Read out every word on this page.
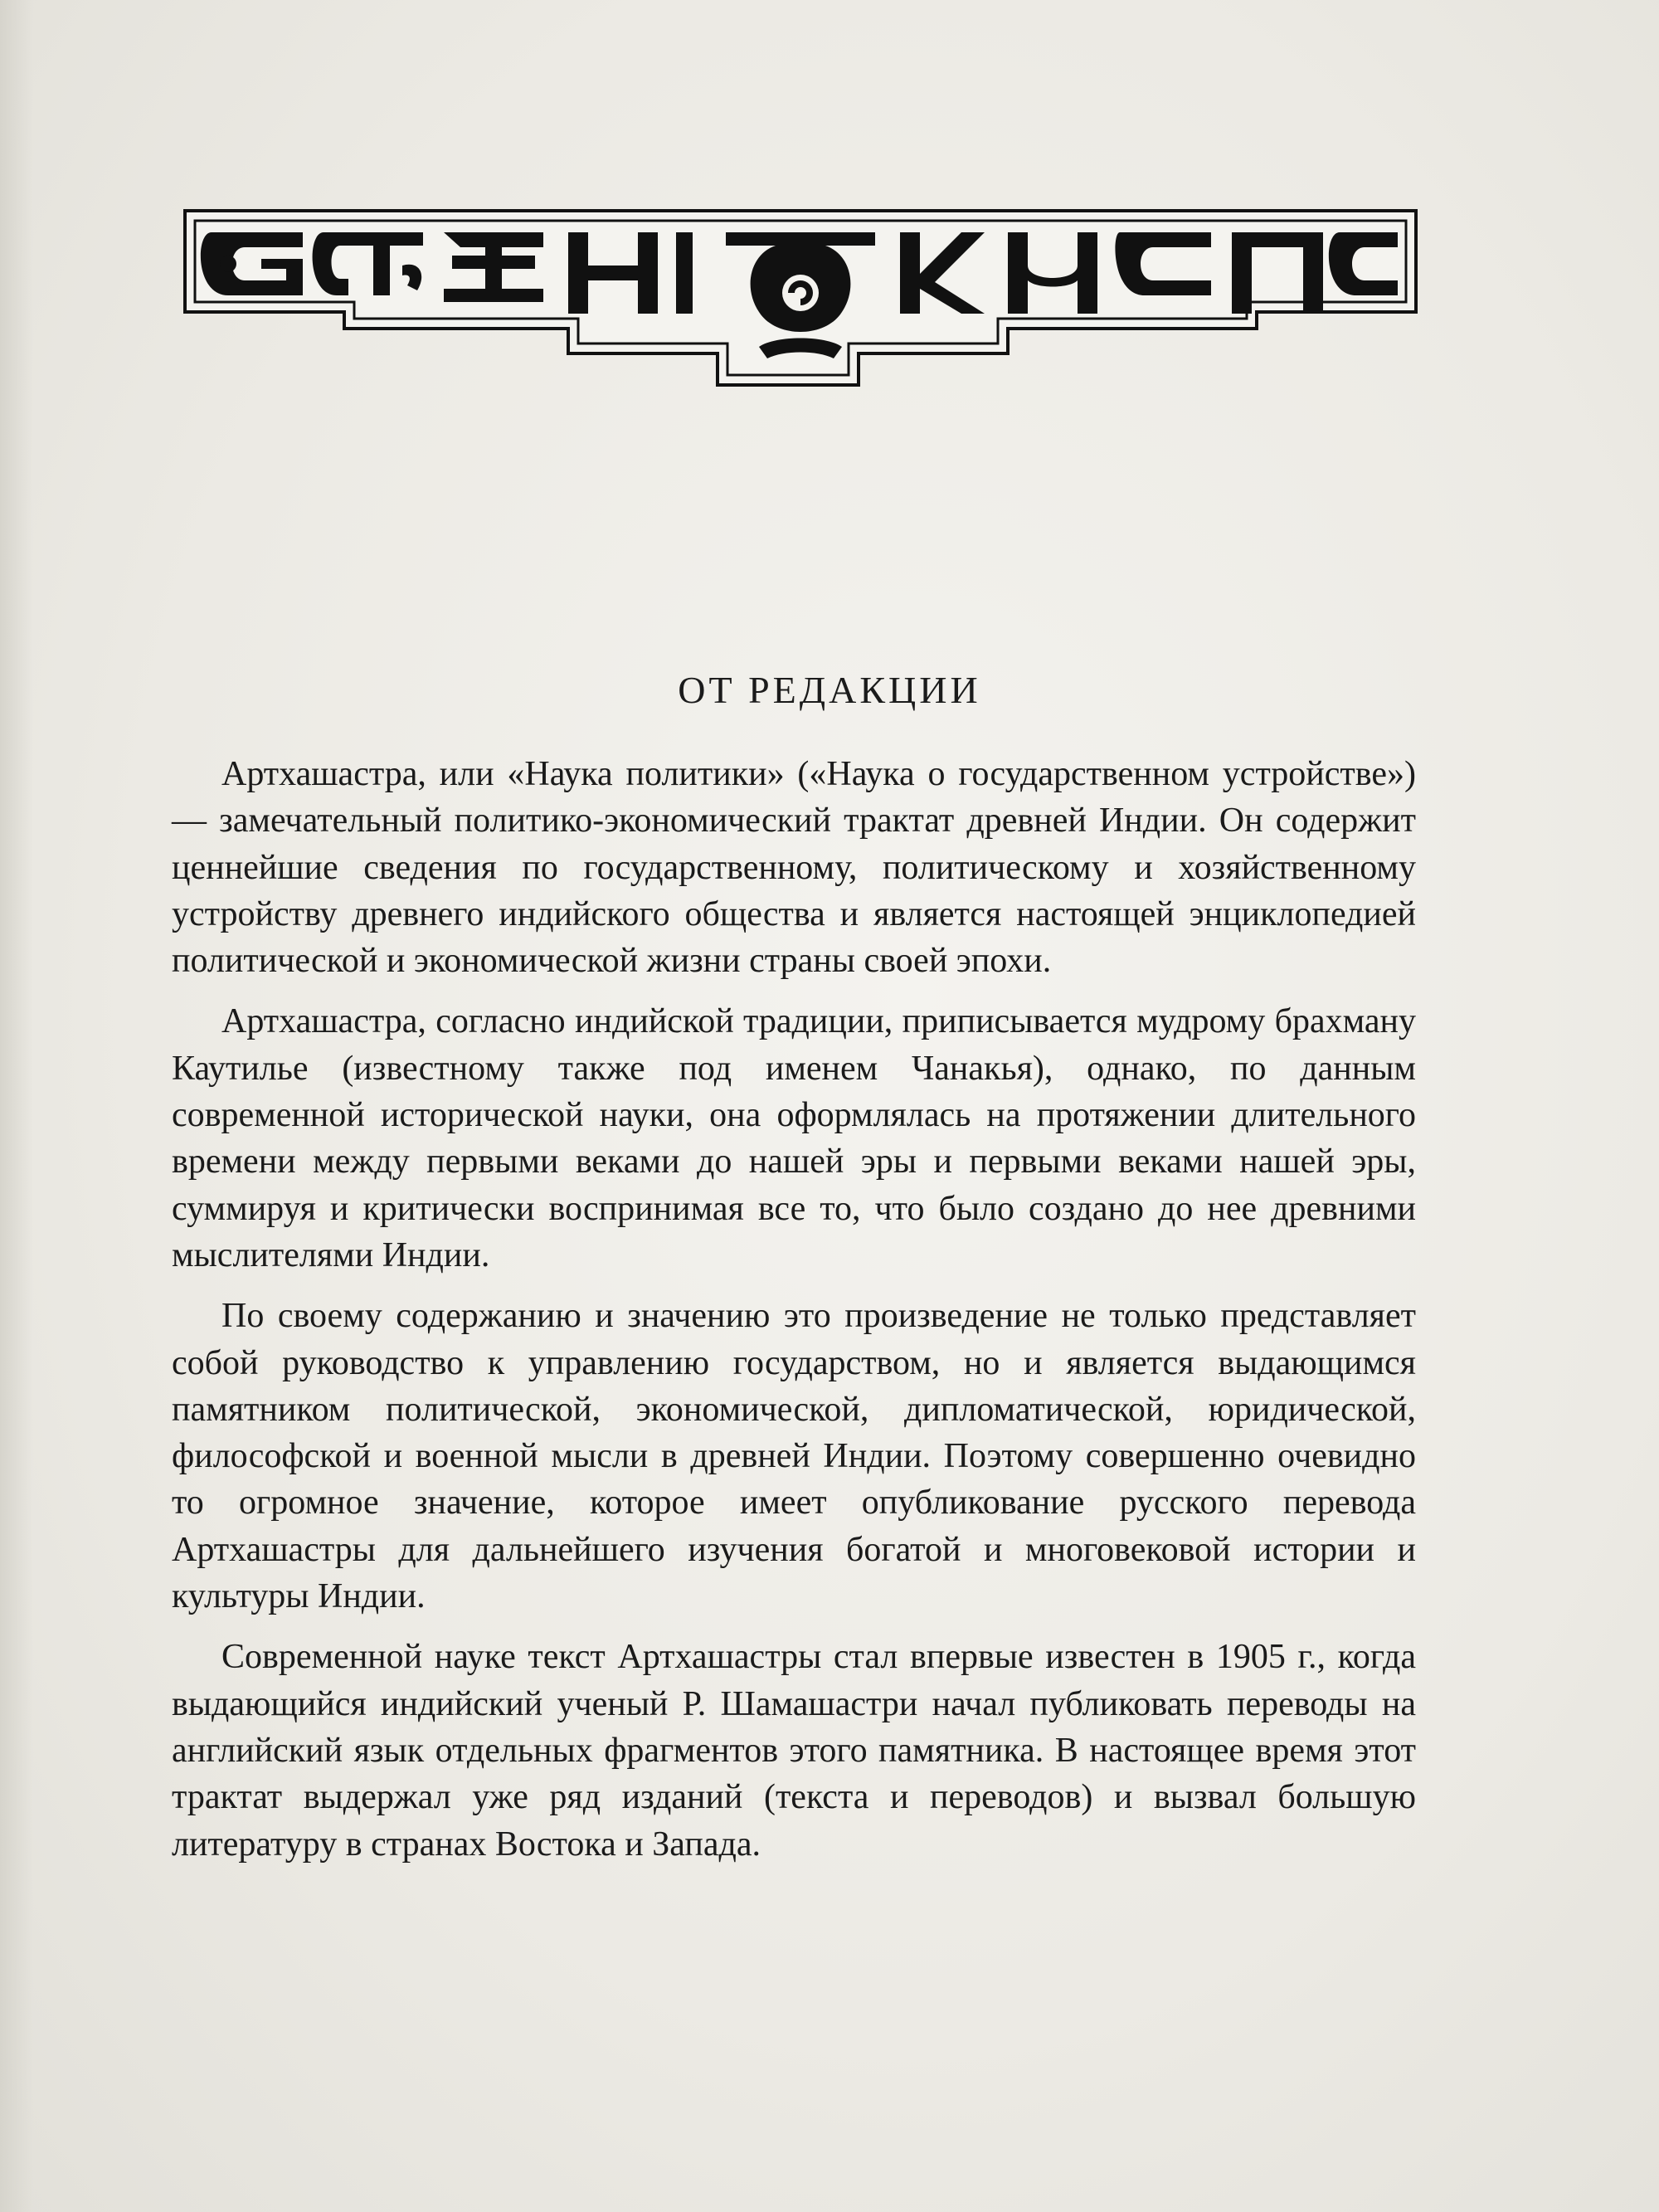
ОТ РЕДАКЦИИ

Артхашастра, или «Наука политики» («Наука о государственном устройстве») — замечательный политико-экономический трактат древней Индии. Он содержит ценнейшие сведения по государственному, политическому и хозяйственному устройству древнего индийского общества и является настоящей энциклопедией политической и экономической жизни страны своей эпохи.

Артхашастра, согласно индийской традиции, приписывается мудрому брахману Каутилье (известному также под именем Чанакья), однако, по данным современной исторической науки, она оформлялась на протяжении длительного времени между первыми веками до нашей эры и первыми веками нашей эры, суммируя и критически воспринимая все то, что было создано до нее древними мыслителями Индии.

По своему содержанию и значению это произведение не только представляет собой руководство к управлению государством, но и является выдающимся памятником политической, экономической, дипломатической, юридической, философской и военной мысли в древней Индии. Поэтому совершенно очевидно то огромное значение, которое имеет опубликование русского перевода Артхашастры для дальнейшего изучения богатой и многовековой истории и культуры Индии.

Современной науке текст Артхашастры стал впервые известен в 1905 г., когда выдающийся индийский ученый Р. Шамашастри начал публиковать переводы на английский язык отдельных фрагментов этого памятника. В настоящее время этот трактат выдержал уже ряд изданий (текста и переводов) и вызвал большую литературу в странах Востока и Запада.
